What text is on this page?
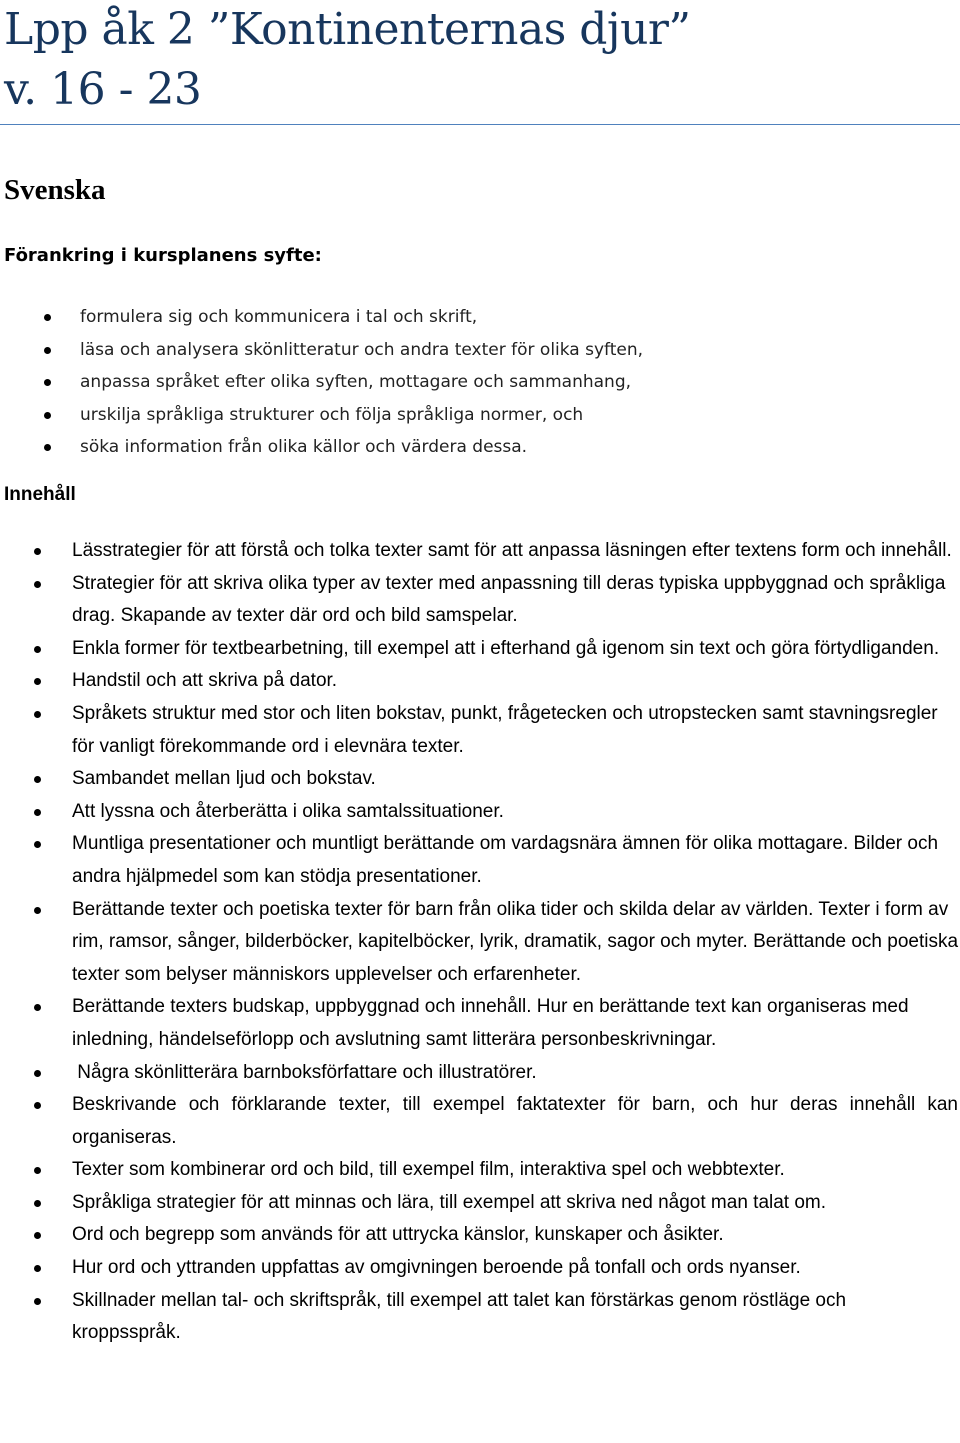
Lpp åk 2 ”Kontinenternas djur”
v. 16 - 23
Svenska
Förankring i kursplanens syfte:
formulera sig och kommunicera i tal och skrift,
läsa och analysera skönlitteratur och andra texter för olika syften,
anpassa språket efter olika syften, mottagare och sammanhang,
urskilja språkliga strukturer och följa språkliga normer, och
söka information från olika källor och värdera dessa.
Innehåll
Lässtrategier för att förstå och tolka texter samt för att anpassa läsningen efter textens form och innehåll.
Strategier för att skriva olika typer av texter med anpassning till deras typiska uppbyggnad och språkliga drag. Skapande av texter där ord och bild samspelar.
Enkla former för textbearbetning, till exempel att i efterhand gå igenom sin text och göra förtydliganden.
Handstil och att skriva på dator.
Språkets struktur med stor och liten bokstav, punkt, frågetecken och utropstecken samt stavningsregler för vanligt förekommande ord i elevnära texter.
Sambandet mellan ljud och bokstav.
Att lyssna och återberätta i olika samtalssituationer.
Muntliga presentationer och muntligt berättande om vardagsnära ämnen för olika mottagare. Bilder och andra hjälpmedel som kan stödja presentationer.
Berättande texter och poetiska texter för barn från olika tider och skilda delar av världen. Texter i form av rim, ramsor, sånger, bilderböcker, kapitelböcker, lyrik, dramatik, sagor och myter. Berättande och poetiska texter som belyser människors upplevelser och erfarenheter.
Berättande texters budskap, uppbyggnad och innehåll. Hur en berättande text kan organiseras med inledning, händelseförlopp och avslutning samt litterära personbeskrivningar.
Några skönlitterära barnboksförfattare och illustratörer.
Beskrivande och förklarande texter, till exempel faktatexter för barn, och hur deras innehåll kan organiseras.
Texter som kombinerar ord och bild, till exempel film, interaktiva spel och webbtexter.
Språkliga strategier för att minnas och lära, till exempel att skriva ned något man talat om.
Ord och begrepp som används för att uttrycka känslor, kunskaper och åsikter.
Hur ord och yttranden uppfattas av omgivningen beroende på tonfall och ords nyanser.
Skillnader mellan tal- och skriftspråk, till exempel att talet kan förstärkas genom röstläge och kroppsspråk.
